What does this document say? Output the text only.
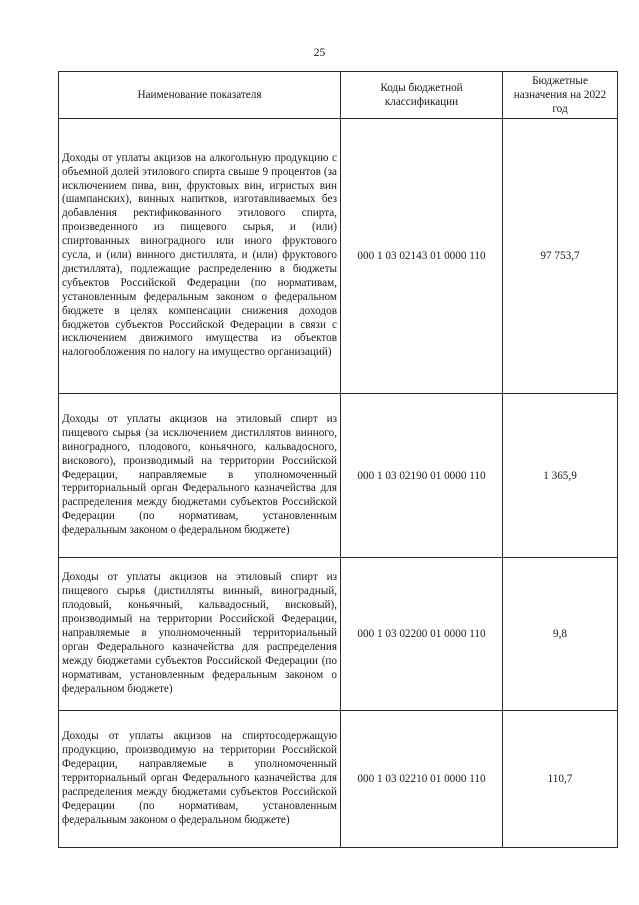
25
Наименование показателя	Коды бюджетной классификации	Бюджетные назначения на 2022 год
Доходы от уплаты акцизов на алкогольную продукцию с объемной долей этилового спирта свыше 9 процентов (за исключением пива, вин, фруктовых вин, игристых вин (шампанских), винных напитков, изготавливаемых без добавления ректификованного этилового спирта, произведенного из пищевого сырья, и (или) спиртованных виноградного или иного фруктового сусла, и (или) винного дистиллята, и (или) фруктового дистиллята), подлежащие распределению в бюджеты субъектов Российской Федерации (по нормативам, установленным федеральным законом о федеральном бюджете в целях компенсации снижения доходов бюджетов субъектов Российской Федерации в связи с исключением движимого имущества из объектов налогообложения по налогу на имущество организаций)	000 1 03 02143 01 0000 110	97 753,7
Доходы от уплаты акцизов на этиловый спирт из пищевого сырья (за исключением дистиллятов винного, виноградного, плодового, коньячного, кальвадосного, вискового), производимый на территории Российской Федерации, направляемые в уполномоченный территориальный орган Федерального казначейства для распределения между бюджетами субъектов Российской Федерации (по нормативам, установленным федеральным законом о федеральном бюджете)	000 1 03 02190 01 0000 110	1 365,9
Доходы от уплаты акцизов на этиловый спирт из пищевого сырья (дистилляты винный, виноградный, плодовый, коньячный, кальвадосный, висковый), производимый на территории Российской Федерации, направляемые в уполномоченный территориальный орган Федерального казначейства для распределения между бюджетами субъектов Российской Федерации (по нормативам, установленным федеральным законом о федеральном бюджете)	000 1 03 02200 01 0000 110	9,8
Доходы от уплаты акцизов на спиртосодержащую продукцию, производимую на территории Российской Федерации, направляемые в уполномоченный территориальный орган Федерального казначейства для распределения между бюджетами субъектов Российской Федерации (по нормативам, установленным федеральным законом о федеральном бюджете)	000 1 03 02210 01 0000 110	110,7
